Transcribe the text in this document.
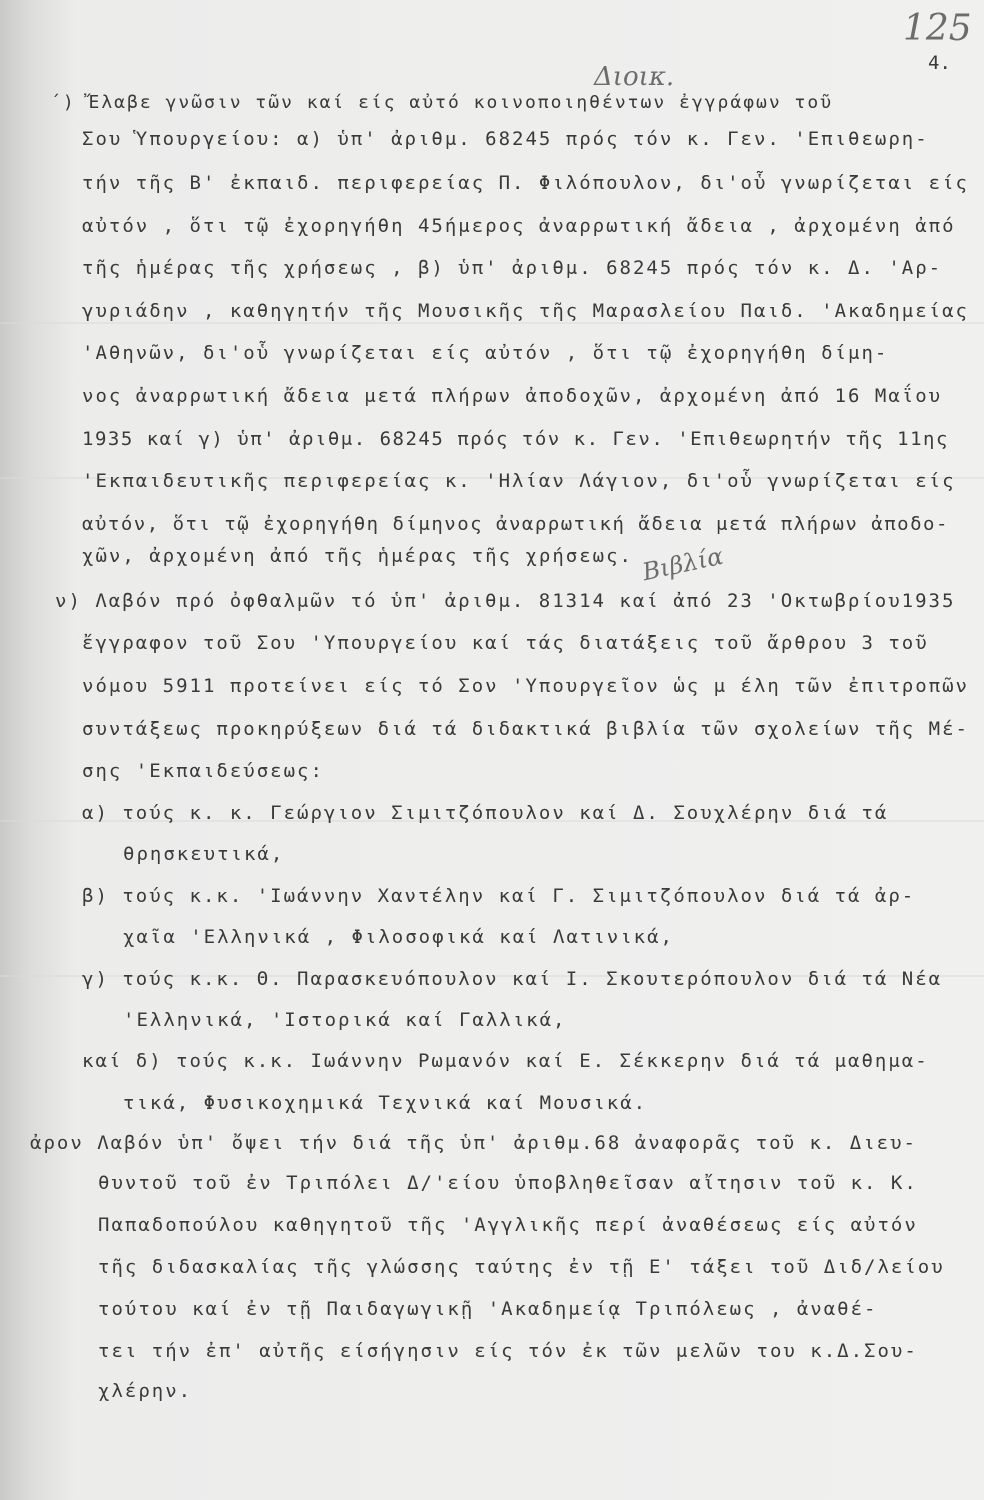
125
4.
Διοικ.
Βιβλία
΄) Ἔλαβε γνῶσιν τῶν καί είς αὐτό κοινοποιηθέντων ἐγγράφων τοῦ
Σου Ὑπουργείου: α) ὑπ' ἀριθμ. 68245 πρός τόν κ. Γεν. 'Επιθεωρη-
τήν τῆς Β' ἐκπαιδ. περιφερείας Π. Φιλόπουλον, δι'οὗ γνωρίζεται είς
αὐτόν , ὅτι τῷ ἐχορηγήθη 45ήμερος ἀναρρωτική ἄδεια , ἀρχομένη ἀπό
τῆς ἡμέρας τῆς χρήσεως , β) ὑπ' ἀριθμ. 68245 πρός τόν κ. Δ. 'Αρ-
γυριάδην , καθηγητήν τῆς Μουσικῆς τῆς Μαρασλείου Παιδ. 'Ακαδημείας
'Αθηνῶν, δι'οὗ γνωρίζεται είς αὐτόν , ὅτι τῷ ἐχορηγήθη δίμη-
νος ἀναρρωτική ἄδεια μετά πλήρων ἀποδοχῶν, ἀρχομένη ἀπό 16 Μαΐου
1935 καί γ) ὑπ' ἀριθμ. 68245 πρός τόν κ. Γεν. 'Επιθεωρητήν τῆς 11ης
'Εκπαιδευτικῆς περιφερείας κ. 'Ηλίαν Λάγιον, δι'οὗ γνωρίζεται είς
αὐτόν, ὅτι τῷ ἐχορηγήθη δίμηνος ἀναρρωτική ἄδεια μετά πλήρων ἀποδο-
χῶν, ἀρχομένη ἀπό τῆς ἡμέρας τῆς χρήσεως.
ν) Λαβόν πρό ὀφθαλμῶν τό ὑπ' ἀριθμ. 81314 καί ἀπό 23 'Οκτωβρίου1935
ἔγγραφον τοῦ Σου 'Υπουργείου καί τάς διατάξεις τοῦ ἄρθρου 3 τοῦ
νόμου 5911 προτείνει είς τό Σον 'Υπουργεῖον ὡς μ έλη τῶν ἐπιτροπῶν
συντάξεως προκηρύξεων διά τά διδακτικά βιβλία τῶν σχολείων τῆς Μέ-
σης 'Εκπαιδεύσεως:
α) τούς κ. κ. Γεώργιον Σιμιτζόπουλον καί Δ. Σουχλέρην διά τά
θρησκευτικά,
β) τούς κ.κ. 'Ιωάννην Χαντέλην καί Γ. Σιμιτζόπουλον διά τά ἀρ-
χαῖα 'Ελληνικά , Φιλοσοφικά καί Λατινικά,
γ) τούς κ.κ. Θ. Παρασκευόπουλον καί Ι. Σκουτερόπουλον διά τά Νέα
'Ελληνικά, 'Ιστορικά καί Γαλλικά,
καί δ) τούς κ.κ. Ιωάννην Ρωμανόν καί Ε. Σέκκερην διά τά μαθημα-
τικά, Φυσικοχημικά Τεχνικά καί Μουσικά.
ἀρον Λαβόν ὑπ' ὄψει τήν διά τῆς ὑπ' ἀριθμ.68 ἀναφορᾶς τοῦ κ. Διευ-
θυντοῦ τοῦ ἐν Τριπόλει Δ/'είου ὑποβληθεῖσαν αἴτησιν τοῦ κ. Κ.
Παπαδοπούλου καθηγητοῦ τῆς 'Αγγλικῆς περί ἀναθέσεως είς αὐτόν
τῆς διδασκαλίας τῆς γλώσσης ταύτης ἐν τῇ Ε' τάξει τοῦ Διδ/λείου
τούτου καί ἐν τῇ Παιδαγωγικῇ 'Ακαδημείᾳ Τριπόλεως , ἀναθέ-
τει τήν ἐπ' αὐτῆς είσήγησιν είς τόν ἐκ τῶν μελῶν του κ.Δ.Σου-
χλέρην.
